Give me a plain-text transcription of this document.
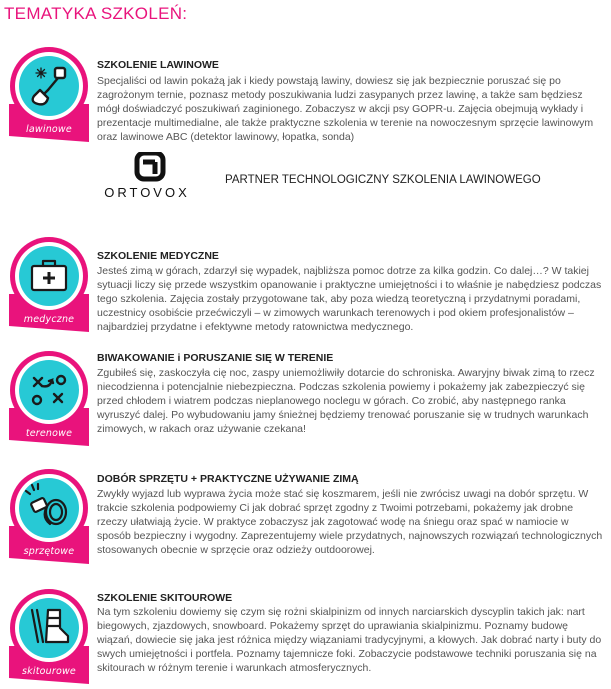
TEMATYKA SZKOLEŃ:
lawinowe
SZKOLENIE LAWINOWE

Specjaliści od lawin pokażą jak i kiedy powstają lawiny, dowiesz się jak bezpiecznie poruszać się po zagrożonym ternie, poznasz metody poszukiwania ludzi zasypanych przez lawinę, a także sam będziesz mógł doświadczyć poszukiwań zaginionego. Zobaczysz w akcji psy GOPR-u. Zajęcia obejmują wykłady i prezentacje multimedialne, ale także praktyczne szkolenia w terenie na nowoczesnym sprzęcie lawinowym oraz lawinowe ABC (detektor lawinowy, łopatka, sonda)

ORTOVOX
PARTNER TECHNOLOGICZNY SZKOLENIA LAWINOWEGO
medyczne
SZKOLENIE MEDYCZNE

Jesteś zimą w górach, zdarzył się wypadek, najbliższa pomoc dotrze za kilka godzin. Co dalej…? W takiej sytuacji liczy się przede wszystkim opanowanie i praktyczne umiejętności i to właśnie je nabędziesz podczas tego szkolenia. Zajęcia zostały przygotowane tak, aby poza wiedzą teoretyczną i przydatnymi poradami, uczestnicy osobiście przećwiczyli – w zimowych warunkach terenowych i pod okiem profesjonalistów – najbardziej przydatne i efektywne metody ratownictwa medycznego.

terenowe
BIWAKOWANIE i PORUSZANIE SIĘ W TERENIE

Zgubiłeś się, zaskoczyła cię noc, zaspy uniemożliwiły dotarcie do schroniska. Awaryjny biwak zimą to rzecz niecodzienna i potencjalnie niebezpieczna. Podczas szkolenia powiemy i pokażemy jak zabezpieczyć się przed chłodem i wiatrem podczas nieplanowego noclegu w górach. Co zrobić, aby następnego ranka wyruszyć dalej. Po wybudowaniu jamy śnieżnej będziemy trenować poruszanie się w trudnych warunkach zimowych, w rakach oraz używanie czekana!

sprzętowe
DOBÓR SPRZĘTU + PRAKTYCZNE UŻYWANIE ZIMĄ

Zwykły wyjazd lub wyprawa życia może stać się koszmarem, jeśli nie zwrócisz uwagi na dobór sprzętu. W trakcie szkolenia podpowiemy Ci jak dobrać sprzęt zgodny z Twoimi potrzebami, pokażemy jak drobne rzeczy ułatwiają życie. W praktyce zobaczysz jak zagotować wodę na śniegu oraz spać w namiocie w sposób bezpieczny i wygodny. Zaprezentujemy wiele przydatnych, najnowszych rozwiązań technologicznych stosowanych obecnie w sprzęcie oraz odzieży outdoorowej.

skitourowe
SZKOLENIE SKITOUROWE

Na tym szkoleniu dowiemy się czym się rożni skialpinizm od innych narciarskich dyscyplin takich jak: nart biegowych, zjazdowych, snowboard. Pokażemy sprzęt do uprawiania skialpinizmu. Poznamy budowę wiązań, dowiecie się jaka jest różnica między wiązaniami tradycyjnymi, a kłowych. Jak dobrać narty i buty do swych umiejętności i portfela. Poznamy tajemnicze foki. Zobaczycie podstawowe techniki poruszania się na skitourach w różnym terenie i warunkach atmosferycznych.
